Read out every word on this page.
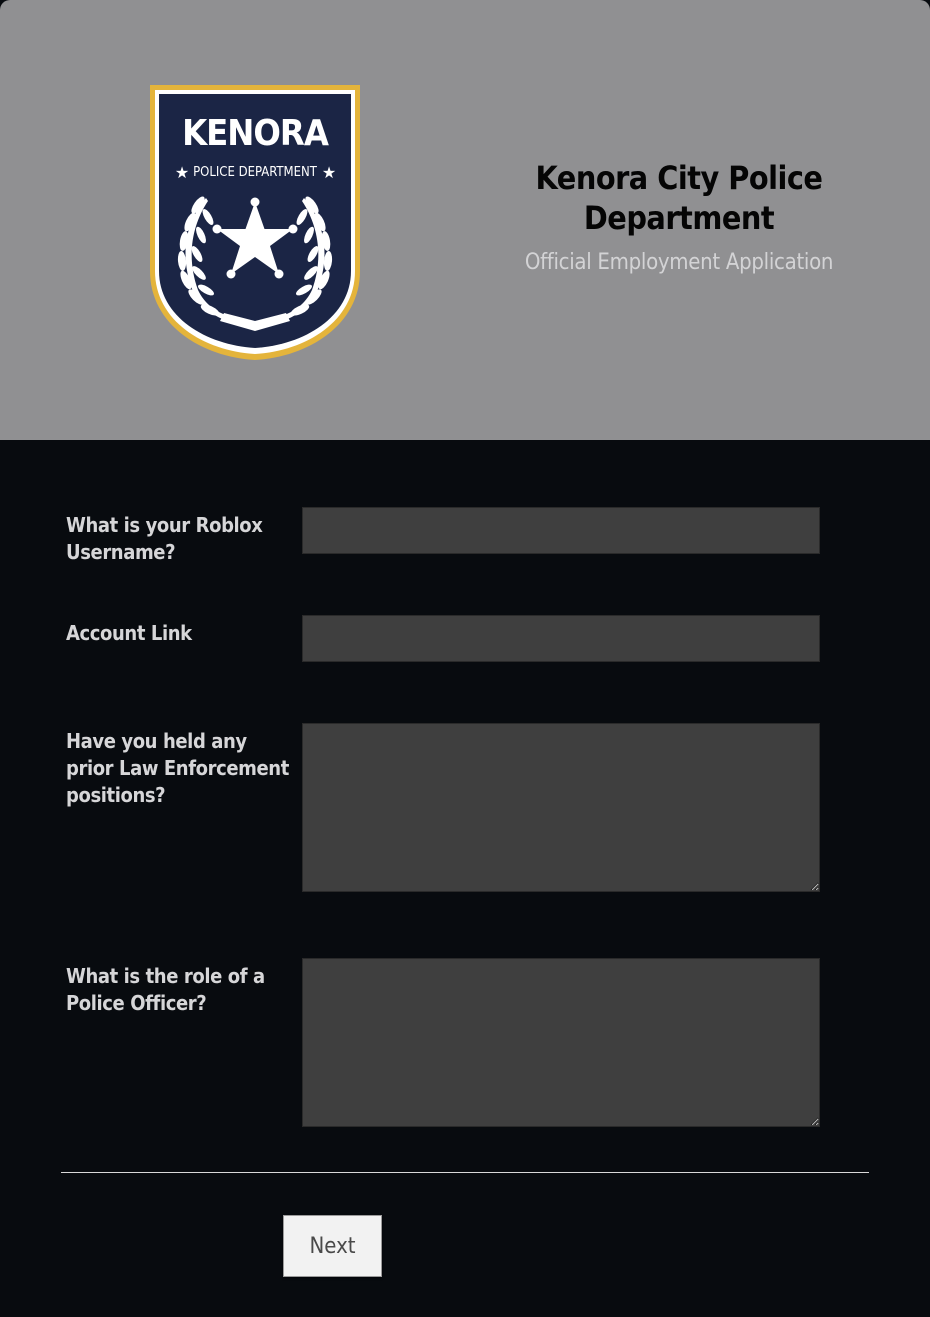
KENORA
★ POLICE DEPARTMENT ★	Kenora City Police Department

Official Employment Application

What is your Roblox Username?
Account Link
Have you held any prior Law Enforcement positions?
What is the role of a Police Officer?
Next
